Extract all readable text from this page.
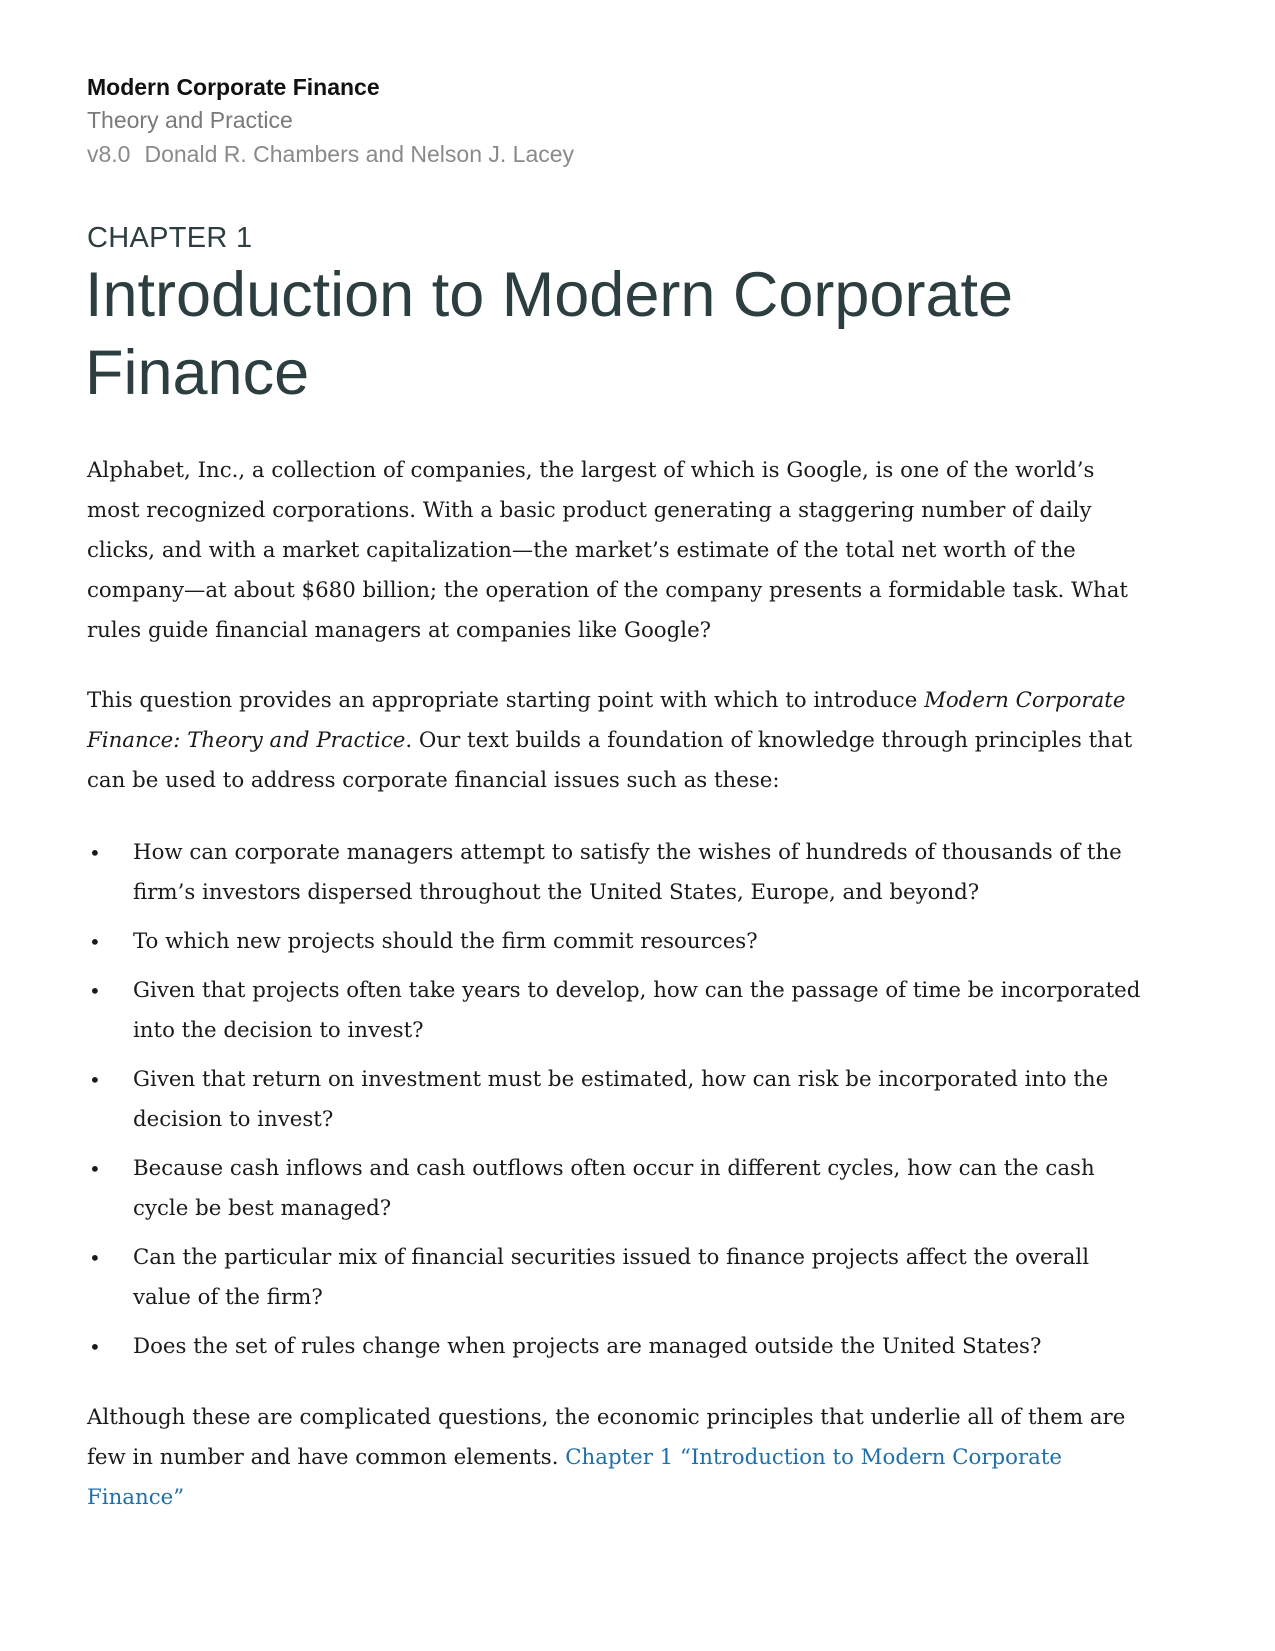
Modern Corporate Finance
Theory and Practice
v8.0 Donald R. Chambers and Nelson J. Lacey
CHAPTER 1
Introduction to Modern Corporate Finance

Alphabet, Inc., a collection of companies, the largest of which is Google, is one of the world’s most recognized corporations. With a basic product generating a staggering number of daily clicks, and with a market capitalization—the market’s estimate of the total net worth of the company—at about $680 billion; the operation of the company presents a formidable task. What rules guide financial managers at companies like Google?

This question provides an appropriate starting point with which to introduce Modern Corporate Finance: Theory and Practice. Our text builds a foundation of knowledge through principles that can be used to address corporate financial issues such as these:

• How can corporate managers attempt to satisfy the wishes of hundreds of thousands of the firm’s investors dispersed throughout the United States, Europe, and beyond?
• To which new projects should the firm commit resources?
• Given that projects often take years to develop, how can the passage of time be incorporated into the decision to invest?
• Given that return on investment must be estimated, how can risk be incorporated into the decision to invest?
• Because cash inflows and cash outflows often occur in different cycles, how can the cash cycle be best managed?
• Can the particular mix of financial securities issued to finance projects affect the overall value of the firm?
• Does the set of rules change when projects are managed outside the United States?

Although these are complicated questions, the economic principles that underlie all of them are few in number and have common elements. Chapter 1 “Introduction to Modern Corporate Finance”
